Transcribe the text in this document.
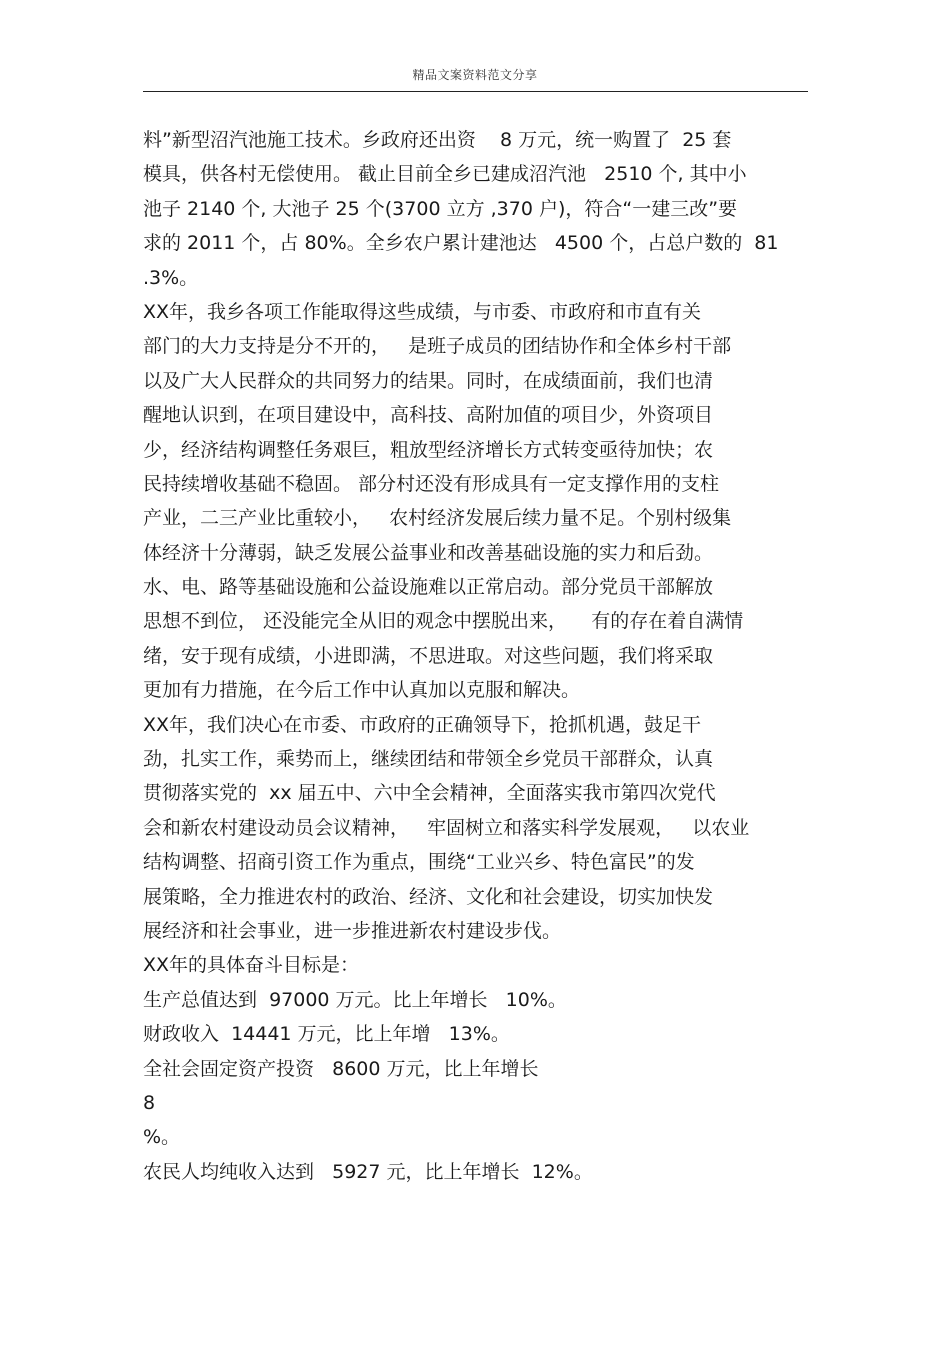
精品文案资料范文分享
料”新型沼汽池施工技术。乡政府还出资    8 万元，统一购置了  25 套
模具，供各村无偿使用。 截止目前全乡已建成沼汽池   2510 个, 其中小
池子 2140 个, 大池子 25 个(3700 立方 ,370 户)，符合“一建三改”要
求的 2011 个，占 80%。全乡农户累计建池达   4500 个，占总户数的  81
.3%。
XX年，我乡各项工作能取得这些成绩，与市委、市政府和市直有关
部门的大力支持是分不开的，   是班子成员的团结协作和全体乡村干部
以及广大人民群众的共同努力的结果。同时，在成绩面前，我们也清
醒地认识到，在项目建设中，高科技、高附加值的项目少，外资项目
少，经济结构调整任务艰巨，粗放型经济增长方式转变亟待加快；农
民持续增收基础不稳固。 部分村还没有形成具有一定支撑作用的支柱
产业，二三产业比重较小，   农村经济发展后续力量不足。个别村级集
体经济十分薄弱，缺乏发展公益事业和改善基础设施的实力和后劲。
水、电、路等基础设施和公益设施难以正常启动。部分党员干部解放
思想不到位， 还没能完全从旧的观念中摆脱出来，    有的存在着自满情
绪，安于现有成绩，小进即满，不思进取。对这些问题，我们将采取
更加有力措施，在今后工作中认真加以克服和解决。
XX年，我们决心在市委、市政府的正确领导下，抢抓机遇，鼓足干
劲，扎实工作，乘势而上，继续团结和带领全乡党员干部群众，认真
贯彻落实党的  xx 届五中、六中全会精神，全面落实我市第四次党代
会和新农村建设动员会议精神，   牢固树立和落实科学发展观，   以农业
结构调整、招商引资工作为重点，围绕“工业兴乡、特色富民”的发
展策略，全力推进农村的政治、经济、文化和社会建设，切实加快发
展经济和社会事业，进一步推进新农村建设步伐。
XX年的具体奋斗目标是：
生产总值达到  97000 万元。比上年增长   10%。
财政收入  14441 万元，比上年增   13%。
全社会固定资产投资   8600 万元，比上年增长
8
%。
农民人均纯收入达到   5927 元，比上年增长  12%。
